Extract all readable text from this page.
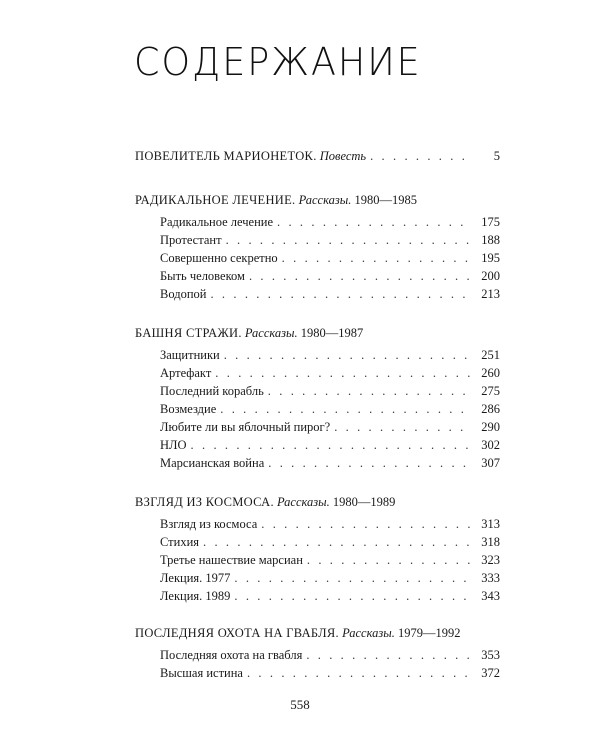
СОДЕРЖАНИЕ
ПОВЕЛИТЕЛЬ МАРИОНЕТОК.
Повесть . . .	5
РАДИКАЛЬНОЕ ЛЕЧЕНИЕ.
Рассказы.
1980—1985
Радикальное лечение . . .	175
Протестант . . .	188
Совершенно секретно . . .	195
Быть человеком . . .	200
Водопой . . .	213
БАШНЯ СТРАЖИ.
Рассказы.
1980—1987
Защитники . . .	251
Артефакт . . .	260
Последний корабль . . .	275
Возмездие . . .	286
Любите ли вы яблочный пирог? . . .	290
НЛО . . .	302
Марсианская война . . .	307
ВЗГЛЯД ИЗ КОСМОСА.
Рассказы.
1980—1989
Взгляд из космоса . . .	313
Стихия . . .	318
Третье нашествие марсиан . . .	323
Лекция. 1977 . . .	333
Лекция. 1989 . . .	343
ПОСЛЕДНЯЯ ОХОТА НА ГВАБЛЯ.
Рассказы.
1979—1992
Последняя охота на гвабля . . .	353
Высшая истина . . .	372
558
